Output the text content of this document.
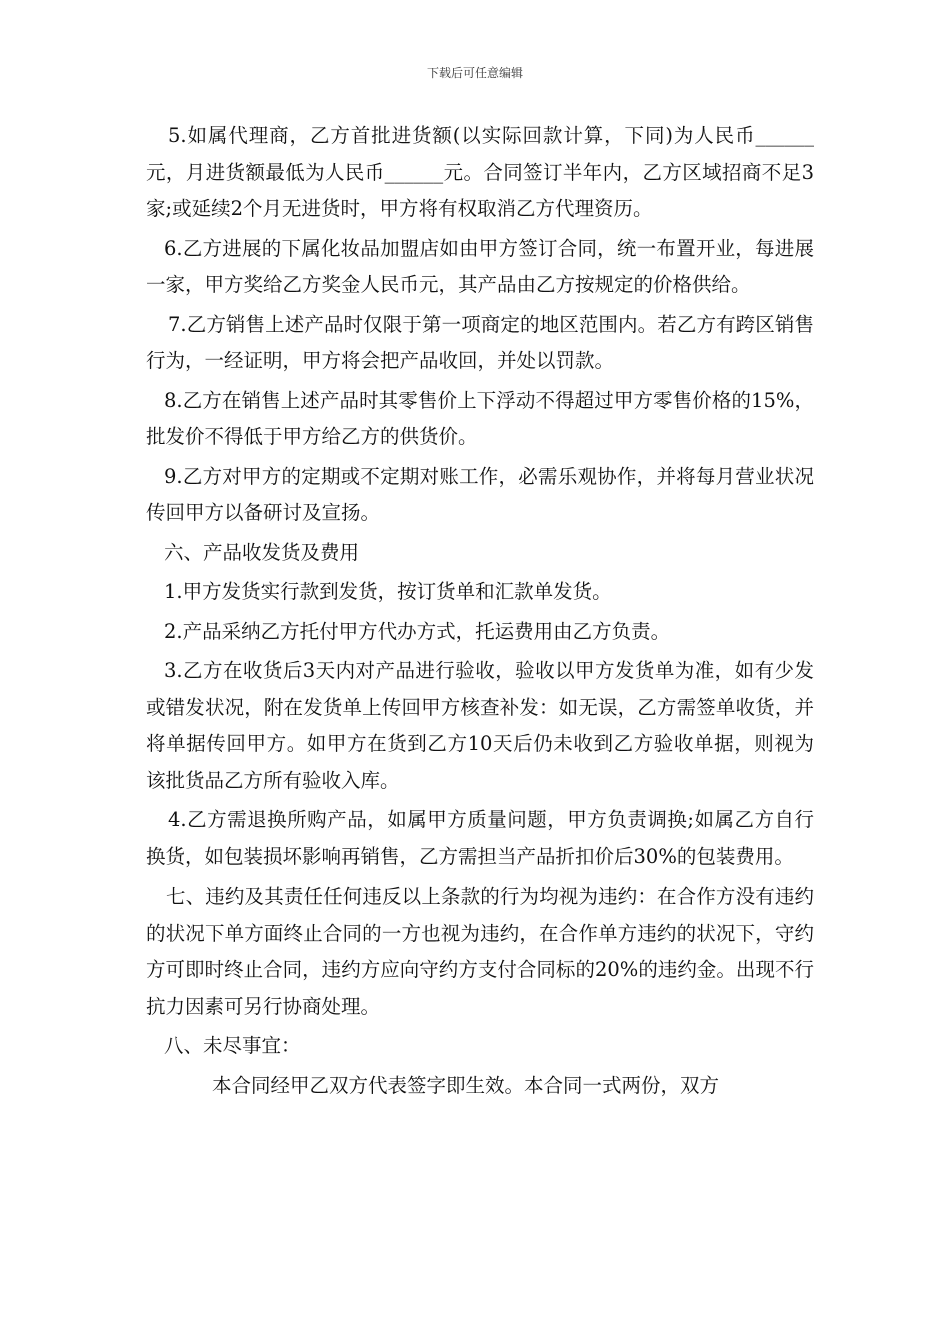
下载后可任意编辑

5.如属代理商，乙方首批进货额(以实际回款计算，下同)为人民币______元，月进货额最低为人民币______元。合同签订半年内，乙方区域招商不足3家;或延续2个月无进货时，甲方将有权取消乙方代理资历。

6.乙方进展的下属化妆品加盟店如由甲方签订合同，统一布置开业，每进展一家，甲方奖给乙方奖金人民币元，其产品由乙方按规定的价格供给。

7.乙方销售上述产品时仅限于第一项商定的地区范围内。若乙方有跨区销售行为，一经证明，甲方将会把产品收回，并处以罚款。

8.乙方在销售上述产品时其零售价上下浮动不得超过甲方零售价格的15%，批发价不得低于甲方给乙方的供货价。

9.乙方对甲方的定期或不定期对账工作，必需乐观协作，并将每月营业状况传回甲方以备研讨及宣扬。

六、产品收发货及费用

1.甲方发货实行款到发货，按订货单和汇款单发货。

2.产品采纳乙方托付甲方代办方式，托运费用由乙方负责。

3.乙方在收货后3天内对产品进行验收，验收以甲方发货单为准，如有少发或错发状况，附在发货单上传回甲方核查补发：如无误，乙方需签单收货，并将单据传回甲方。如甲方在货到乙方10天后仍未收到乙方验收单据，则视为该批货品乙方所有验收入库。

4.乙方需退换所购产品，如属甲方质量问题，甲方负责调换;如属乙方自行换货，如包装损坏影响再销售，乙方需担当产品折扣价后30%的包装费用。

七、违约及其责任任何违反以上条款的行为均视为违约：在合作方没有违约的状况下单方面终止合同的一方也视为违约，在合作单方违约的状况下，守约方可即时终止合同，违约方应向守约方支付合同标的20%的违约金。出现不行抗力因素可另行协商处理。

八、未尽事宜：

本合同经甲乙双方代表签字即生效。本合同一式两份，双方
